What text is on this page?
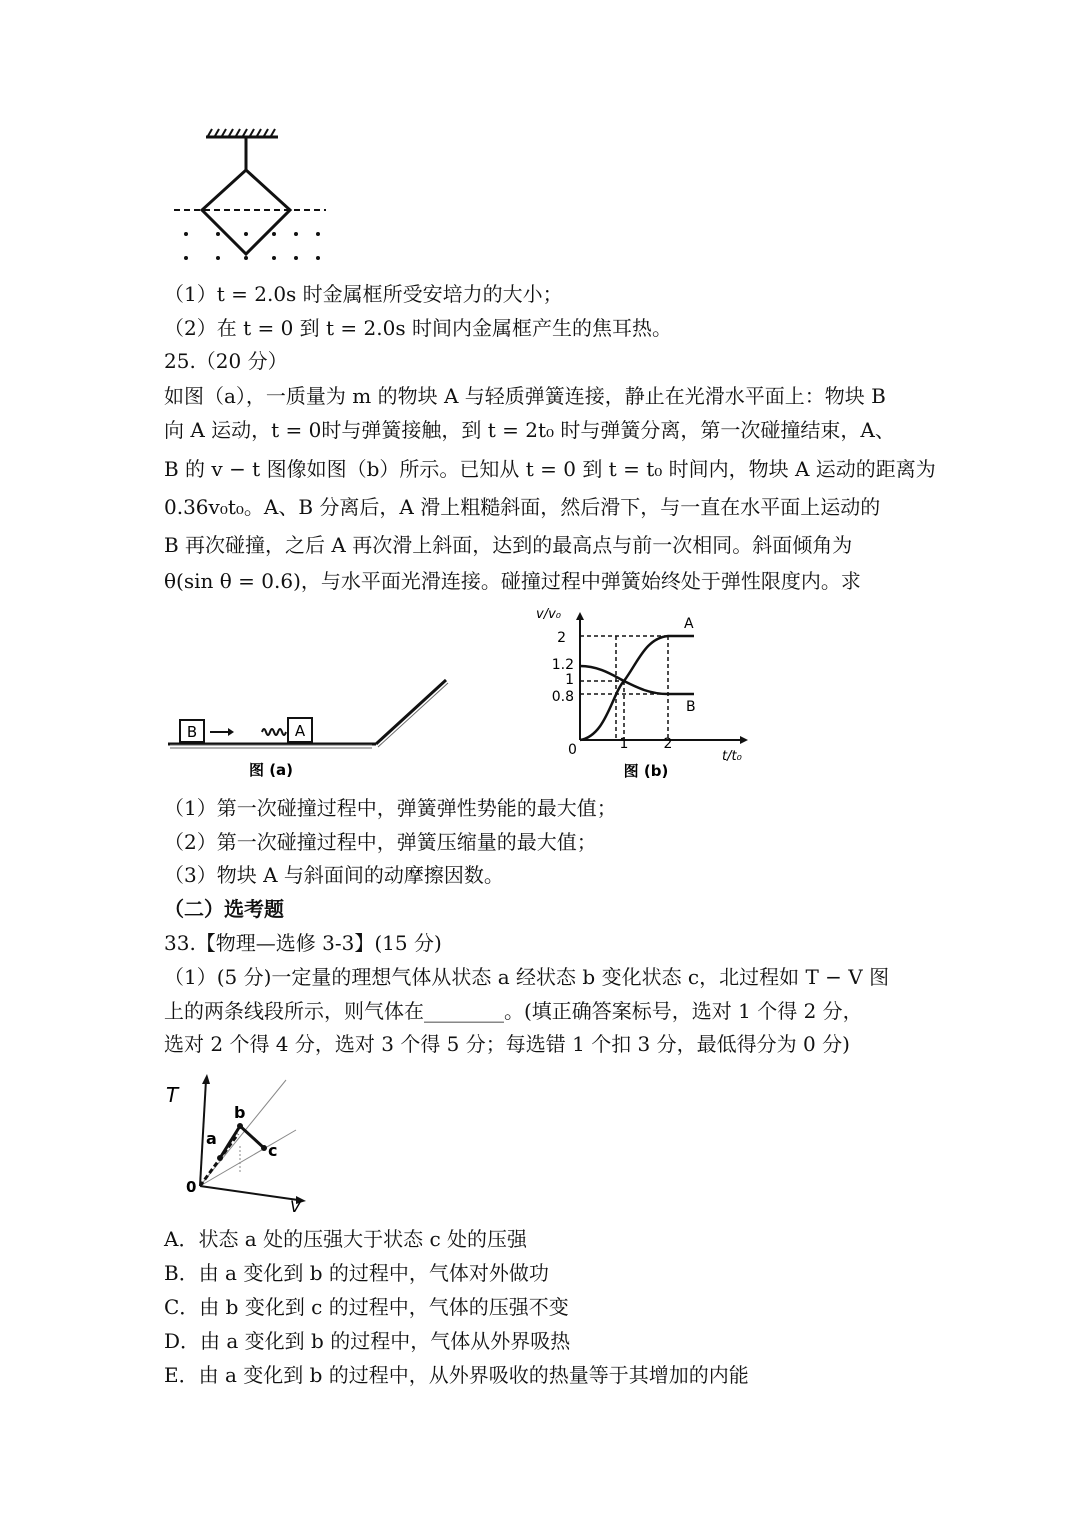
（1）t = 2.0s 时金属框所受安培力的大小；
（2）在 t = 0 到 t = 2.0s 时间内金属框产生的焦耳热。
25.（20 分）
如图（a），一质量为 m 的物块 A 与轻质弹簧连接，静止在光滑水平面上：物块 B
向 A 运动，t = 0时与弹簧接触，到 t = 2t₀ 时与弹簧分离，第一次碰撞结束，A、
B 的 v − t 图像如图（b）所示。已知从 t = 0 到 t = t₀ 时间内，物块 A 运动的距离为
0.36v₀t₀。A、B 分离后，A 滑上粗糙斜面，然后滑下，与一直在水平面上运动的
B 再次碰撞，之后 A 再次滑上斜面，达到的最高点与前一次相同。斜面倾角为
θ(sin θ = 0.6)，与水平面光滑连接。碰撞过程中弹簧始终处于弹性限度内。求
B	A
图 (a)
v/v₀
t/t₀
0
2
1.2
1
0.8
1	2
A
B
图 (b)
（1）第一次碰撞过程中，弹簧弹性势能的最大值；
（2）第一次碰撞过程中，弹簧压缩量的最大值；
（3）物块 A 与斜面间的动摩擦因数。
（二）选考题
33.【物理—选修 3-3】(15 分)
（1）(5 分)一定量的理想气体从状态 a 经状态 b 变化状态 c，北过程如 T − V 图
上的两条线段所示，则气体在________。(填正确答案标号，选对 1 个得 2 分，
选对 2 个得 4 分，选对 3 个得 5 分；每选错 1 个扣 3 分，最低得分为 0 分)
T
V
0
b
a
c
A．状态 a 处的压强大于状态 c 处的压强
B．由 a 变化到 b 的过程中，气体对外做功
C．由 b 变化到 c 的过程中，气体的压强不变
D．由 a 变化到 b 的过程中，气体从外界吸热
E．由 a 变化到 b 的过程中，从外界吸收的热量等于其增加的内能
